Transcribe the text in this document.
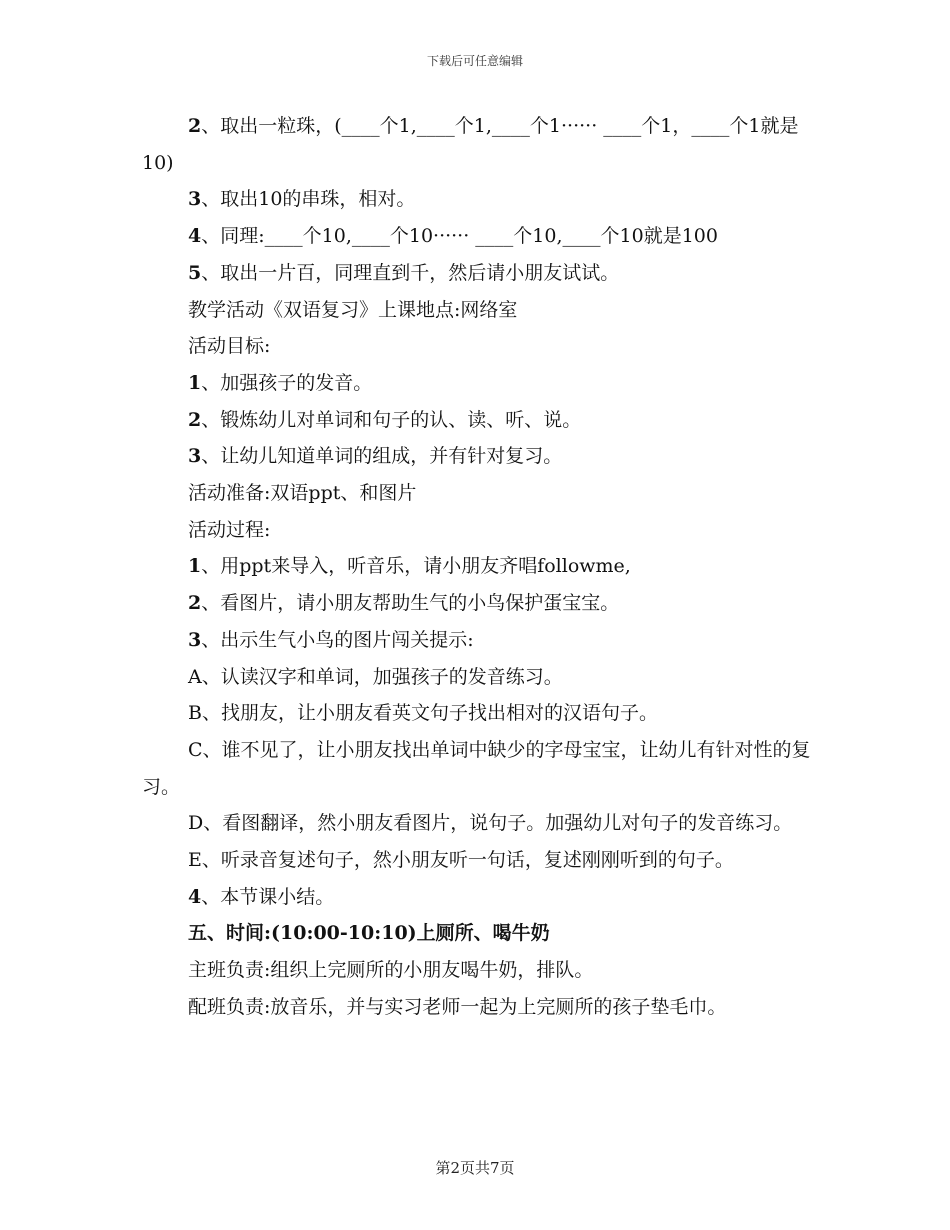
下载后可任意编辑

2、取出一粒珠，(____个1,____个1,____个1······ ____个1，____个1就是10)

3、取出10的串珠，相对。

4、同理:____个10,____个10······ ____个10,____个10就是100

5、取出一片百，同理直到千，然后请小朋友试试。

教学活动《双语复习》上课地点:网络室

活动目标:

1、加强孩子的发音。

2、锻炼幼儿对单词和句子的认、读、听、说。

3、让幼儿知道单词的组成，并有针对复习。

活动准备:双语ppt、和图片

活动过程:

1、用ppt来导入，听音乐，请小朋友齐唱followme,

2、看图片，请小朋友帮助生气的小鸟保护蛋宝宝。

3、出示生气小鸟的图片闯关提示:

A、认读汉字和单词，加强孩子的发音练习。

B、找朋友，让小朋友看英文句子找出相对的汉语句子。

C、谁不见了，让小朋友找出单词中缺少的字母宝宝，让幼儿有针对性的复习。

D、看图翻译，然小朋友看图片，说句子。加强幼儿对句子的发音练习。

E、听录音复述句子，然小朋友听一句话，复述刚刚听到的句子。

4、本节课小结。

五、时间:(10:00-10:10)上厕所、喝牛奶

主班负责:组织上完厕所的小朋友喝牛奶，排队。

配班负责:放音乐，并与实习老师一起为上完厕所的孩子垫毛巾。

第2页共7页
